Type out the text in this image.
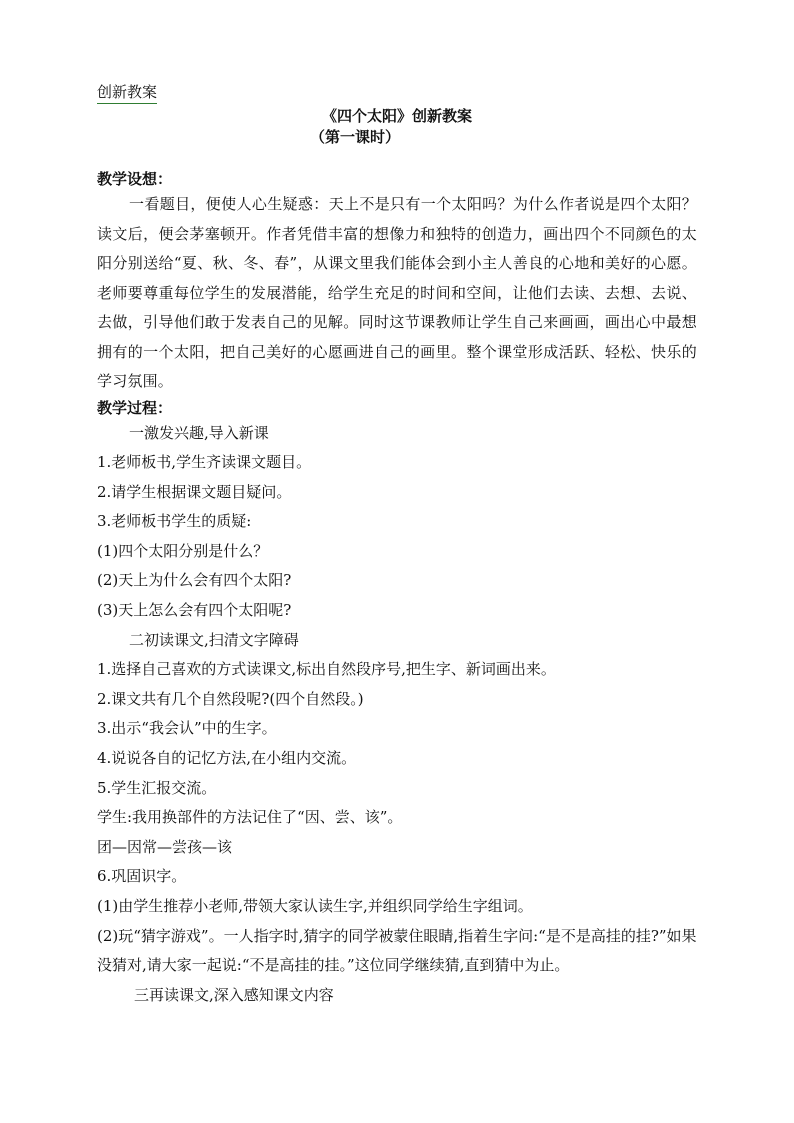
创新教案
《四个太阳》创新教案
（第一课时）
教学设想：

一看题目，便使人心生疑惑：天上不是只有一个太阳吗？为什么作者说是四个太阳？读文后，便会茅塞顿开。作者凭借丰富的想像力和独特的创造力，画出四个不同颜色的太阳分别送给“夏、秋、冬、春”，从课文里我们能体会到小主人善良的心地和美好的心愿。老师要尊重每位学生的发展潜能，给学生充足的时间和空间，让他们去读、去想、去说、去做，引导他们敢于发表自己的见解。同时这节课教师让学生自己来画画，画出心中最想拥有的一个太阳，把自己美好的心愿画进自己的画里。整个课堂形成活跃、轻松、快乐的学习氛围。

教学过程：
一激发兴趣,导入新课
1.老师板书,学生齐读课文题目。
2.请学生根据课文题目疑问。
3.老师板书学生的质疑:
(1)四个太阳分别是什么？
(2)天上为什么会有四个太阳?
(3)天上怎么会有四个太阳呢?
二初读课文,扫清文字障碍
1.选择自己喜欢的方式读课文,标出自然段序号,把生字、新词画出来。
2.课文共有几个自然段呢?(四个自然段。)
3.出示“我会认”中的生字。
4.说说各自的记忆方法,在小组内交流。
5.学生汇报交流。
学生:我用换部件的方法记住了“因、尝、该”。
团—因常—尝孩—该
6.巩固识字。
(1)由学生推荐小老师,带领大家认读生字,并组织同学给生字组词。
(2)玩“猜字游戏”。一人指字时,猜字的同学被蒙住眼睛,指着生字问:“是不是高挂的挂?”如果没猜对,请大家一起说:“不是高挂的挂。”这位同学继续猜,直到猜中为止。
三再读课文,深入感知课文内容
